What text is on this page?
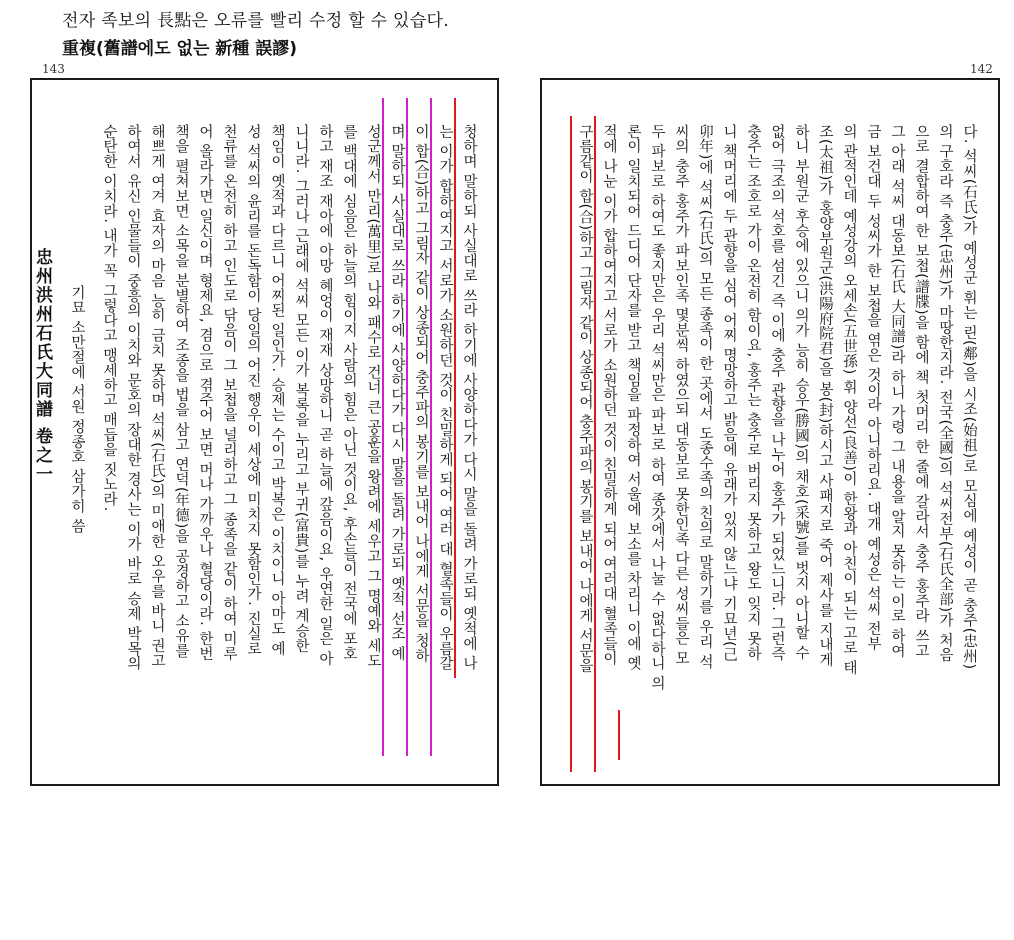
전자 족보의 長點은 오류를 빨리 수정 할 수 있습다.
重複(舊譜에도 없는 新種 誤謬)
143	142
忠州洪州石氏大同譜 卷之一	청하며 말하되 사실대로 쓰라 하기에 사양하다가 다시 말을 돌려 가로되 옛적에 나
는 이가 합하여지고 서로가 소원하던 것이 친밀하게 되어 여러 대 혈족들이 우름갈
이 합(合)하고 그림자 같이 상종되어 충주파의 봉기를 보내어 나에게 서문을 청하
며 말하되 사실대로 쓰라 하기에 사양하다가 다시 말을 돌려 가로되 옛적 선조 예
성군께서 만리(萬里)로 나와 패수로 건너 큰 공훈을 왕려에 세우고 그 명예와 세도
를 백대에 심음은 하늘의 힘이지 사람의 힘은 아닌 것이요, 후손들이 전국에 포호
하고 재조 재아에 아망 혜엉이 재재 상망하니 곧 하늘에 갚음이요, 우연한 일은 아
니니라. 그러나 근래에 석씨 모든 이가 복록을 누리고 부귀(富貴)를 누려 계승한
책임이 옛적과 다르니 어찌된 일인가. 승제는 수이고 박복은 이치이니 아마도 예
성 석씨의 윤리를 돈독함이 당일의 어진 행우이 세상에 미치지 못함인가. 진실로
천류를 온전히 하고 인도로 닦음이 그 보첩을 널리하고 그 종족을 같이 하여 미루
어 올라가면 일신이며 형제요, 겸으로 겪주어 보면 머나 가까우나 혈당이라. 한번
책을 펼쳐보면 소목을 분별하여 조종을 법을 삼고 연덕(年德)을 공경하고 소유를
해쁘게 여겨 효자의 마음 능히 금치 못하며 석씨(石氏)의 미애한 오우를 바니 권고
하여서 유신 인물들이 중흥의 이치와 문호의 장대한 경사는 이가 바로 승제 박목의
순탄한 이치라. 내가 꼭 그렇다고 맹세하고 매듭을 짓노라.
기묘 소만절에 서원 정종호 삼가히 씀	다. 석씨(石氏)가 예성군 휘는 린(鄰)을 시조(始祖)로 모심에 예성이 곧 충주(忠州)
의 구호라 즉 충주(忠州)가 마땅한지라. 전국(全國)의 석씨전부(石氏全部)가 처음
으로 결합하여 한 보첩(譜牒)을 함에 책 첫머리 한 줄에 갈라서 충주 홍주라 쓰고
그 아래 석씨 대동보(石氏 大同譜)라 하니 가령 그 내용을 알지 못하는 이로 하여
금 보건대 두 성씨가 한 보첩을 엮은 것이라 아니하리요. 대개 예성은 석씨 전부
의 관적인데 예성강의 오세손(五世孫) 휘 양선(良善)이 한왕과 아친이 되는 고로 태
조(太祖)가 홍양부원군(洪陽府院君)을 봉(封)하시고 사패지로 죽어 제사를 지내게
하니 부원군 후승에 있으니 의가 능히 승우(勝國)의 채호(采號)를 벗지 아니할 수
없어 극조의 석호를 섬긴 즉 이에 충주 관향을 나누어 홍주가 되었느니라. 그런즉
충주는 조호로 가이 온전히 함이요, 홍주는 충주로 버리지 못하고 왕도 잊지 못하
니 책머리에 두 관향을 심어 어찌 명망하고 밝음에 유래가 있지 않느냐 기묘년(己
卯年)에 석씨(石氏)의 모든 종족이 한 곳에서 도종수족의 친의로 말하기를 우리 석
씨의 충주 홍주가 파보인족 몇분씩 하였으되 대동보로 못한인족 다른 성씨들은 모
두 파보로 하여도 좋지만은 우리 석씨만은 파보로 하여 종갓에서 나눌 수 없다하니 의
론이 일치되어 드디어 단자를 받고 책임을 파정하여 서울에 보소를 차리니 이에 옛
적에 나눈 이가 합하여지고 서로가 소원하던 것이 친밀하게 되어 여러대 혈족들이
구름같이 합(合)하고 그림자 같이 상종되어 충주파의 봉기를 보내어 나에게 서문을
